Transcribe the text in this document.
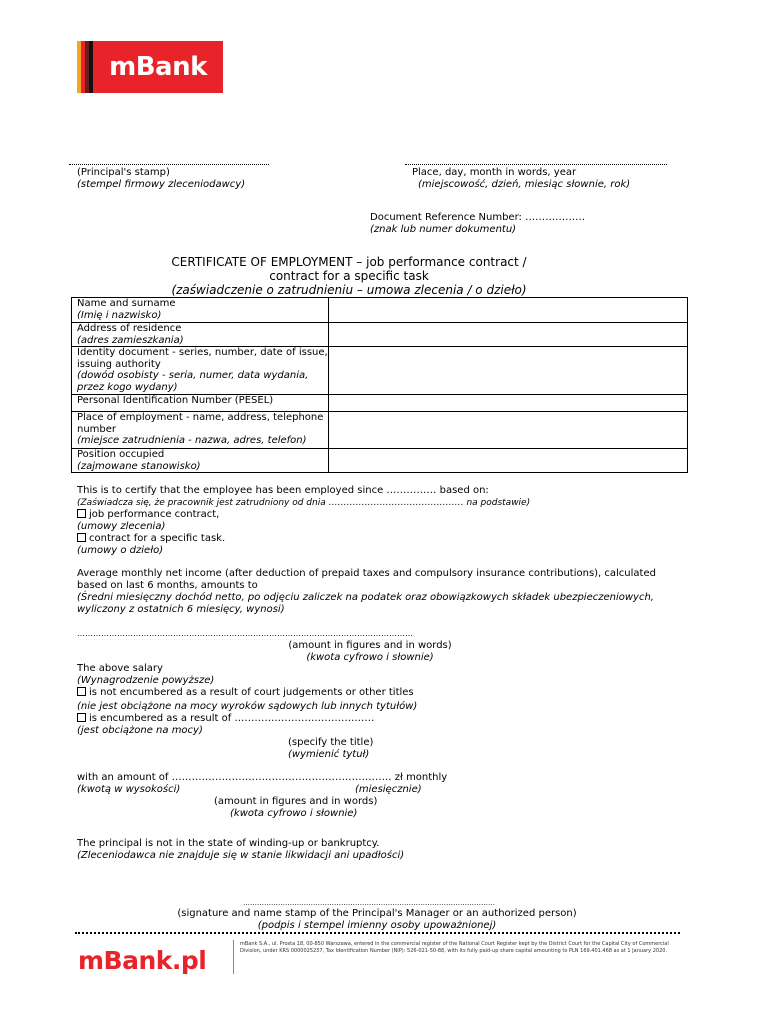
mBank
(Principal's stamp)
(stempel firmowy zleceniodawcy)
Place, day, month in words, year
(miejscowość, dzień, miesiąc słownie, rok)
Document Reference Number: ………………
(znak lub numer dokumentu)
CERTIFICATE OF EMPLOYMENT – job performance contract /
contract for a specific task
(zaświadczenie o zatrudnieniu – umowa zlecenia / o dzieło)
Name and surname
(Imię i nazwisko)	

Address of residence
(adres zamieszkania)	

Identity document - series, number, date of issue, issuing authority
(dowód osobisty - seria, numer, data wydania, przez kogo wydany)	

Personal Identification Number (PESEL)	

Place of employment - name, address, telephone number
(miejsce zatrudnienia - nazwa, adres, telefon)	

Position occupied
(zajmowane stanowisko)	

This is to certify that the employee has been employed since …………… based on:
(Zaświadcza się, że pracownik jest zatrudniony od dnia ……………………………………… na podstawie)
job performance contract,
(umowy zlecenia)
contract for a specific task.
(umowy o dzieło)
Average monthly net income (after deduction of prepaid taxes and compulsory insurance contributions), calculated
based on last 6 months, amounts to
(Średni miesięczny dochód netto, po odjęciu zaliczek na podatek oraz obowiązkowych składek ubezpieczeniowych,
wyliczony z ostatnich 6 miesięcy, wynosi)
………………………………………………………………………………………………………………
(amount in figures and in words)
(kwota cyfrowo i słownie)
The above salary
(Wynagrodzenie powyższe)
is not encumbered as a result of court judgements or other titles
(nie jest obciążone na mocy wyroków sądowych lub innych tytułów)
is encumbered as a result of ……………………………………
(jest obciążone na mocy)
(specify the title)
(wymienić tytuł)
with an amount of ………………………………………………………… zł monthly
(kwotą w wysokości)	(miesięcznie)
(amount in figures and in words)
(kwota cyfrowo i słownie)
The principal is not in the state of winding-up or bankruptcy.
(Zleceniodawca nie znajduje się w stanie likwidacji ani upadłości)
………………………………………………………………………………………………
(signature and name stamp of the Principal's Manager or an authorized person)
(podpis i stempel imienny osoby upoważnionej)
mBank.pl
mBank S.A., ul. Prosta 18, 00-850 Warszawa, entered in the commercial register of the National Court Register kept by the District Court for the Capital City of Commercial Division, under KRS 0000025237, Tax Identification Number (NIP): 526-021-50-88, with its fully paid-up share capital amounting to PLN 169.401.468 as at 1 January 2020.
